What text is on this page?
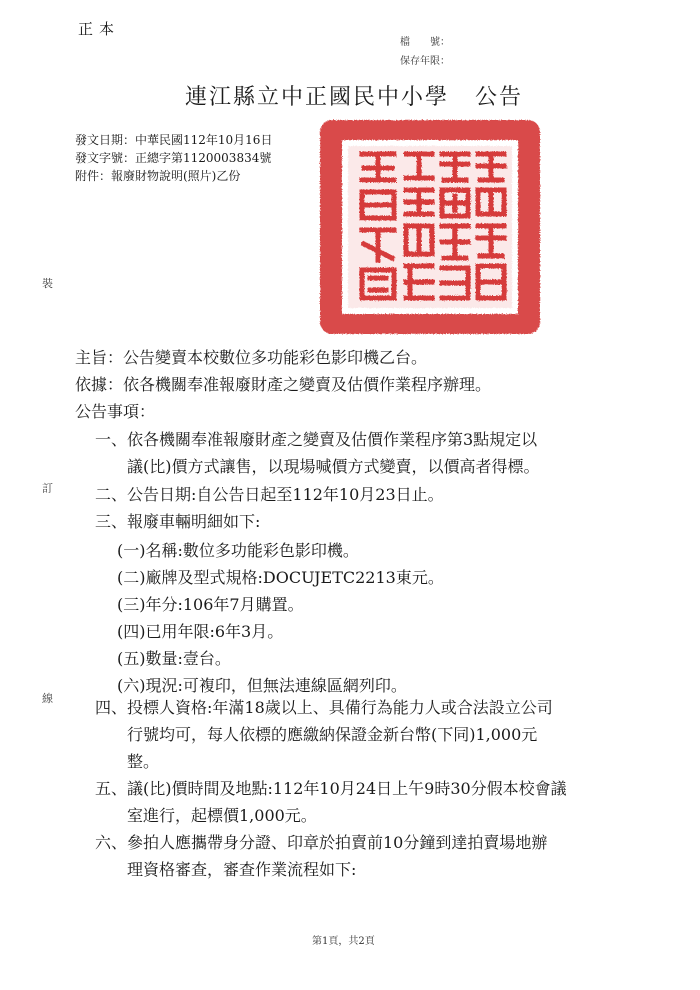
正本
檔　　號：
保存年限：
連江縣立中正國民中小學 公告
發文日期：中華民國112年10月16日
發文字號：正總字第1120003834號
附件：報廢財物說明(照片)乙份
裝
訂
線
主旨：公告變賣本校數位多功能彩色影印機乙台。
依據：依各機關奉准報廢財產之變賣及估價作業程序辦理。
公告事項：
一、依各機關奉准報廢財產之變賣及估價作業程序第3點規定以
議(比)價方式讓售，以現場喊價方式變賣，以價高者得標。
二、公告日期:自公告日起至112年10月23日止。
三、報廢車輛明細如下:
(一)名稱:數位多功能彩色影印機。
(二)廠牌及型式規格:DOCUJETC2213東元。
(三)年分:106年7月購置。
(四)已用年限:6年3月。
(五)數量:壹台。
(六)現況:可複印，但無法連線區網列印。
四、投標人資格:年滿18歲以上、具備行為能力人或合法設立公司
行號均可，每人依標的應繳納保證金新台幣(下同)1,000元
整。
五、議(比)價時間及地點:112年10月24日上午9時30分假本校會議
室進行，起標價1,000元。
六、參拍人應攜帶身分證、印章於拍賣前10分鐘到達拍賣場地辦
理資格審查，審查作業流程如下:
第1頁，共2頁
